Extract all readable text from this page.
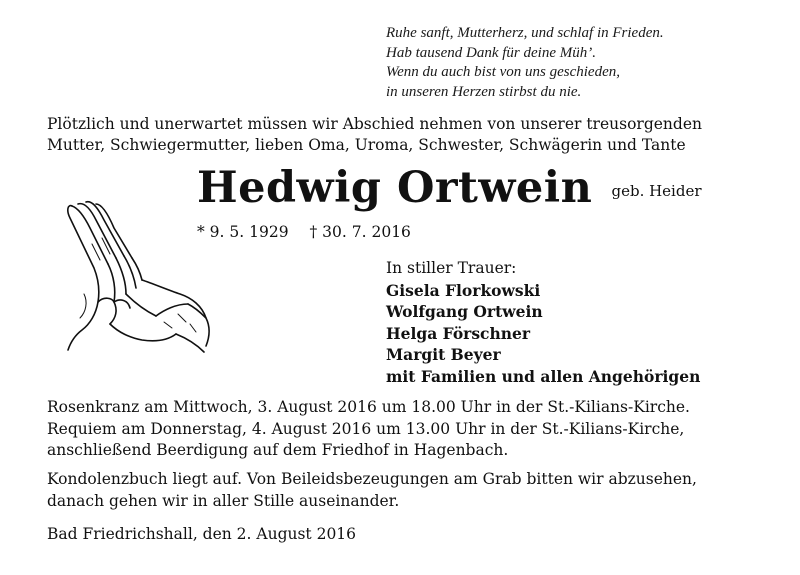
Ruhe sanft, Mutterherz, und schlaf in Frieden.
Hab tausend Dank für deine Müh’.
Wenn du auch bist von uns geschieden,
in unseren Herzen stirbst du nie.
Plötzlich und unerwartet müssen wir Abschied nehmen von unserer treusorgenden
Mutter, Schwiegermutter, lieben Oma, Uroma, Schwester, Schwägerin und Tante
Hedwig Ortwein geb. Heider
* 9. 5. 1929 † 30. 7. 2016
In stiller Trauer:
Gisela Florkowski
Wolfgang Ortwein
Helga Förschner
Margit Beyer
mit Familien und allen Angehörigen
Rosenkranz am Mittwoch, 3. August 2016 um 18.00 Uhr in der St.-Kilians-Kirche.
Requiem am Donnerstag, 4. August 2016 um 13.00 Uhr in der St.-Kilians-Kirche,
anschließend Beerdigung auf dem Friedhof in Hagenbach.
Kondolenzbuch liegt auf. Von Beileidsbezeugungen am Grab bitten wir abzusehen,
danach gehen wir in aller Stille auseinander.
Bad Friedrichshall, den 2. August 2016
